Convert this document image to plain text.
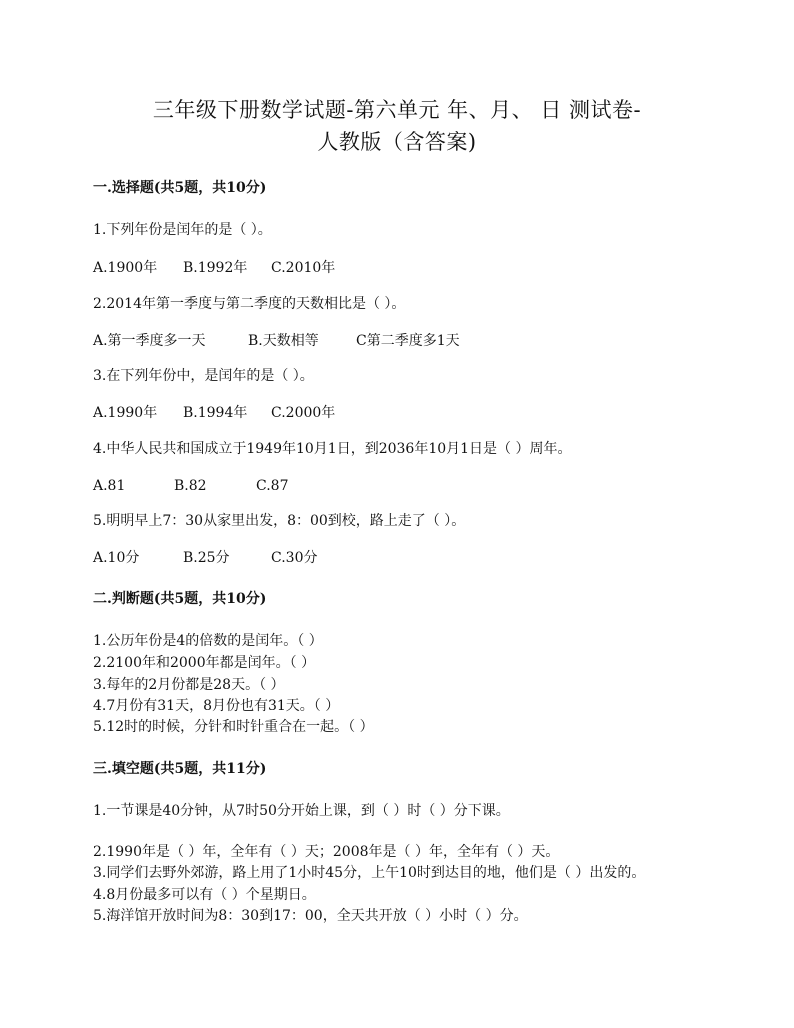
三年级下册数学试题-第六单元 年、月、 日 测试卷-
人教版（含答案)
一.选择题(共5题，共10分)
1.下列年份是闰年的是（ ）。
A.1900年 B.1992年 C.2010年
2.2014年第一季度与第二季度的天数相比是（ ）。
A.第一季度多一天	B.天数相等	C第二季度多1天
3.在下列年份中，是闰年的是（ ）。
A.1990年 B.1994年 C.2000年
4.中华人民共和国成立于1949年10月1日，到2036年10月1日是（ ）周年。
A.81	B.82	C.87
5.明明早上7：30从家里出发，8：00到校，路上走了（ ）。
A.10分	B.25分	C.30分
二.判断题(共5题，共10分)
1.公历年份是4的倍数的是闰年。（ ）
2.2100年和2000年都是闰年。（ ）
3.每年的2月份都是28天。（ ）
4.7月份有31天，8月份也有31天。（ ）
5.12时的时候，分针和时针重合在一起。（ ）
三.填空题(共5题，共11分)
1.一节课是40分钟，从7时50分开始上课，到（ ）时（ ）分下课。
2.1990年是（ ）年，全年有（ ）天；2008年是（ ）年，全年有（ ）天。
3.同学们去野外郊游，路上用了1小时45分，上午10时到达目的地，他们是（ ）出发的。
4.8月份最多可以有（ ）个星期日。
5.海洋馆开放时间为8：30到17：00，全天共开放（ ）小时（ ）分。
